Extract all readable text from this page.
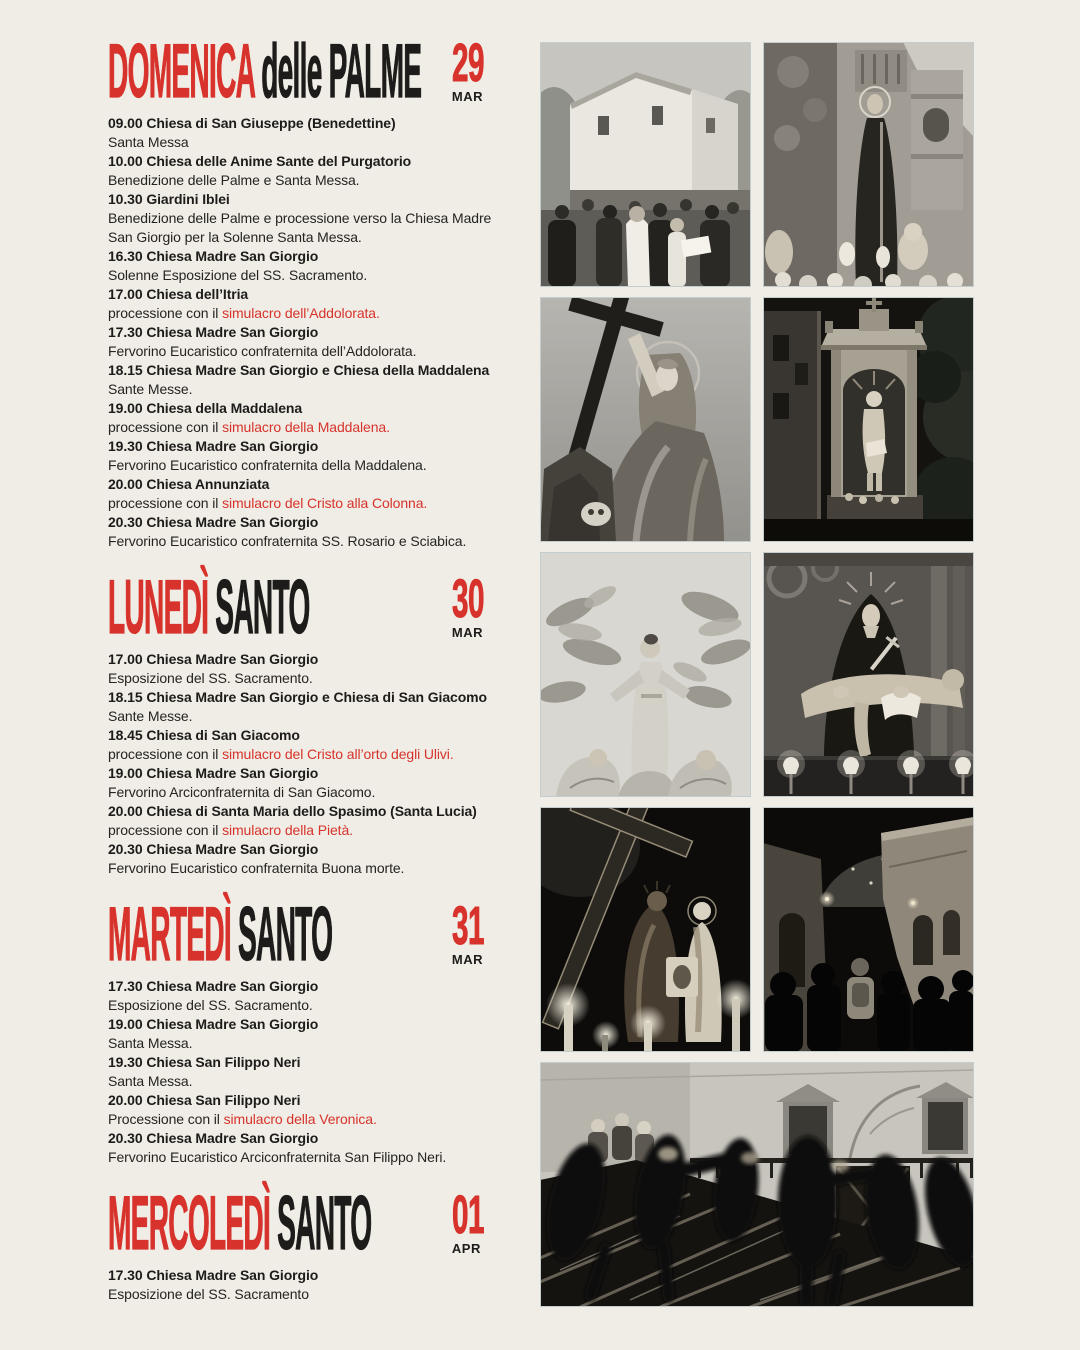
DOMENICA delle PALME 29
MAR
09.00 Chiesa di San Giuseppe (Benedettine)
Santa Messa
10.00 Chiesa delle Anime Sante del Purgatorio
Benedizione delle Palme e Santa Messa.
10.30 Giardini Iblei
Benedizione delle Palme e processione verso la Chiesa Madre San Giorgio per la Solenne Santa Messa.
16.30 Chiesa Madre San Giorgio
Solenne Esposizione del SS. Sacramento.
17.00 Chiesa dell’Itria
processione con il simulacro dell’Addolorata.
17.30 Chiesa Madre San Giorgio
Fervorino Eucaristico confraternita dell’Addolorata.
18.15 Chiesa Madre San Giorgio e Chiesa della Maddalena
Sante Messe.
19.00 Chiesa della Maddalena
processione con il simulacro della Maddalena.
19.30 Chiesa Madre San Giorgio
Fervorino Eucaristico confraternita della Maddalena.
20.00 Chiesa Annunziata
processione con il simulacro del Cristo alla Colonna.
20.30 Chiesa Madre San Giorgio
Fervorino Eucaristico confraternita SS. Rosario e Sciabica.
LUNEDÌ SANTO	30
MAR
17.00 Chiesa Madre San Giorgio
Esposizione del SS. Sacramento.
18.15 Chiesa Madre San Giorgio e Chiesa di San Giacomo
Sante Messe.
18.45 Chiesa di San Giacomo
processione con il simulacro del Cristo all’orto degli Ulivi.
19.00 Chiesa Madre San Giorgio
Fervorino Arciconfraternita di San Giacomo.
20.00 Chiesa di Santa Maria dello Spasimo (Santa Lucia)
processione con il simulacro della Pietà.
20.30 Chiesa Madre San Giorgio
Fervorino Eucaristico confraternita Buona morte.
MARTEDÌ SANTO	31
MAR
17.30 Chiesa Madre San Giorgio
Esposizione del SS. Sacramento.
19.00 Chiesa Madre San Giorgio
Santa Messa.
19.30 Chiesa San Filippo Neri
Santa Messa.
20.00 Chiesa San Filippo Neri
Processione con il simulacro della Veronica.
20.30 Chiesa Madre San Giorgio
Fervorino Eucaristico Arciconfraternita San Filippo Neri.
MERCOLEDÌ SANTO	01
APR
17.30 Chiesa Madre San Giorgio
Esposizione del SS. Sacramento
